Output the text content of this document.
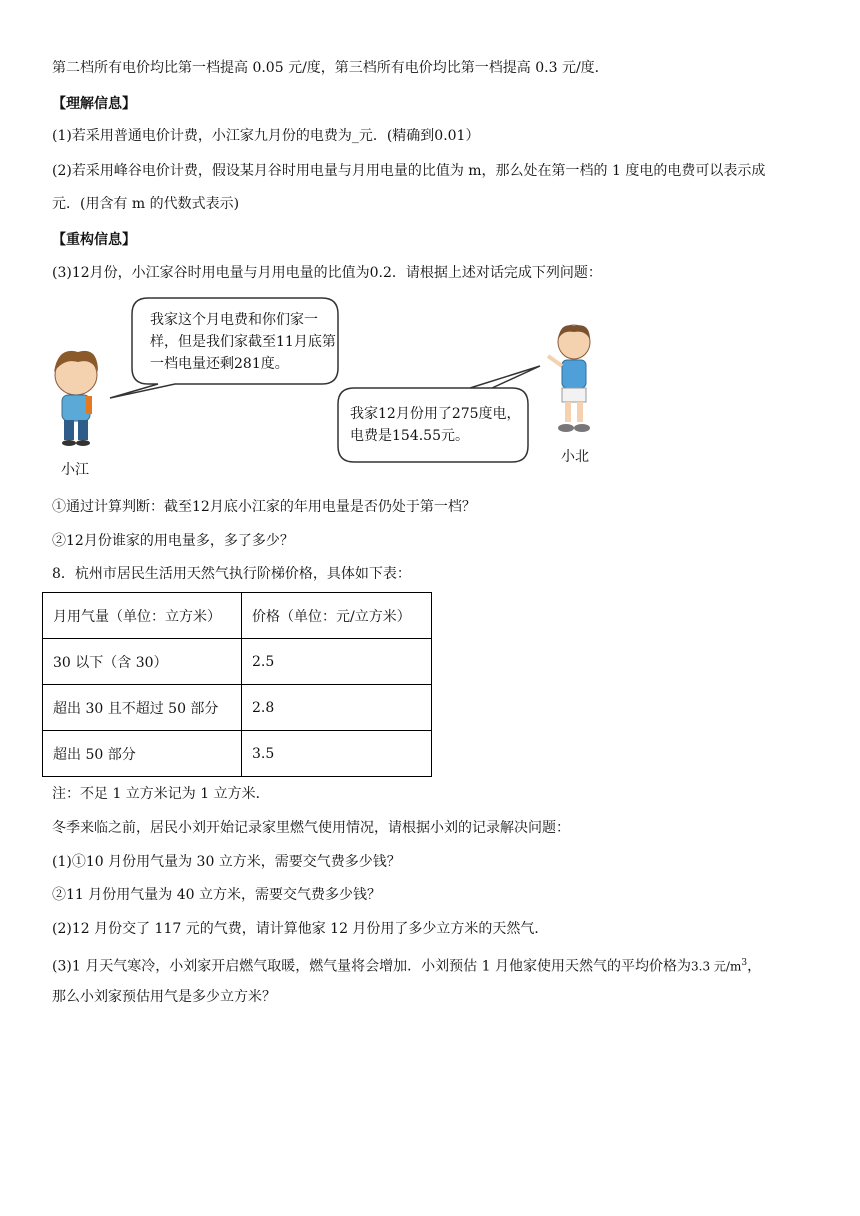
第二档所有电价均比第一档提高 0.05 元/度，第三档所有电价均比第一档提高 0.3 元/度．
【理解信息】
(1)若采用普通电价计费，小江家九月份的电费为_元．(精确到0.01）
(2)若采用峰谷电价计费，假设某月谷时用电量与月用电量的比值为 m，那么处在第一档的 1 度电的电费可以表示成
元．(用含有 m 的代数式表示)
【重构信息】
(3)12月份，小江家谷时用电量与月用电量的比值为0.2．请根据上述对话完成下列问题：
我家这个月电费和你们家一
样，但是我们家截至11月底第
一档电量还剩281度。
我家12月份用了275度电，
电费是154.55元。
小江
小北
①通过计算判断：截至12月底小江家的年用电量是否仍处于第一档？
②12月份谁家的用电量多，多了多少？
8．杭州市居民生活用天然气执行阶梯价格，具体如下表：
月用气量（单位：立方米）	价格（单位：元/立方米）
30 以下（含 30）	2.5
超出 30 且不超过 50 部分	2.8
超出 50 部分	3.5
注：不足 1 立方米记为 1 立方米．
冬季来临之前，居民小刘开始记录家里燃气使用情况，请根据小刘的记录解决问题：
(1)①10 月份用气量为 30 立方米，需要交气费多少钱？
②11 月份用气量为 40 立方米，需要交气费多少钱？
(2)12 月份交了 117 元的气费，请计算他家 12 月份用了多少立方米的天然气．
(3)1 月天气寒冷，小刘家开启燃气取暖，燃气量将会增加．小刘预估 1 月他家使用天然气的平均价格为3.3 元$/m^3$，
那么小刘家预估用气是多少立方米？
